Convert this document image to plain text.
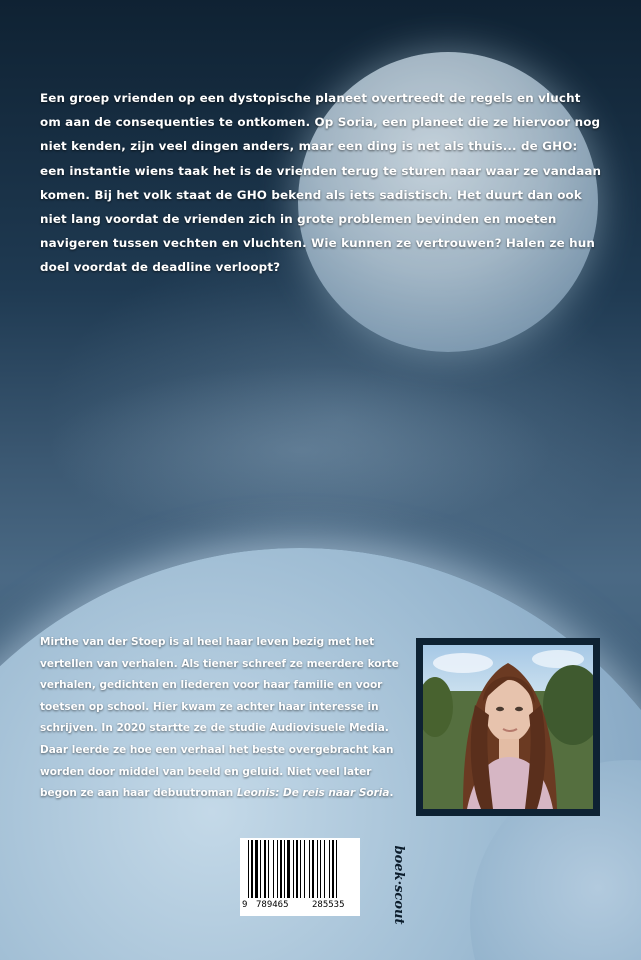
Een groep vrienden op een dystopische planeet overtreedt de regels en vlucht om aan de consequenties te ontkomen. Op Soria, een planeet die ze hiervoor nog niet kenden, zijn veel dingen anders, maar een ding is net als thuis... de GHO: een instantie wiens taak het is de vrienden terug te sturen naar waar ze vandaan komen. Bij het volk staat de GHO bekend als iets sadistisch. Het duurt dan ook niet lang voordat de vrienden zich in grote problemen bevinden en moeten navigeren tussen vechten en vluchten. Wie kunnen ze vertrouwen? Halen ze hun doel voordat de deadline verloopt?

Mirthe van der Stoep is al heel haar leven bezig met het vertellen van verhalen. Als tiener schreef ze meerdere korte verhalen, gedichten en liederen voor haar familie en voor toetsen op school. Hier kwam ze achter haar interesse in schrijven. In 2020 startte ze de studie Audiovisuele Media. Daar leerde ze hoe een verhaal het beste overgebracht kan worden door middel van beeld en geluid. Niet veel later begon ze aan haar debuutroman Leonis: De reis naar Soria.

9 789465	285535	boek·scout
